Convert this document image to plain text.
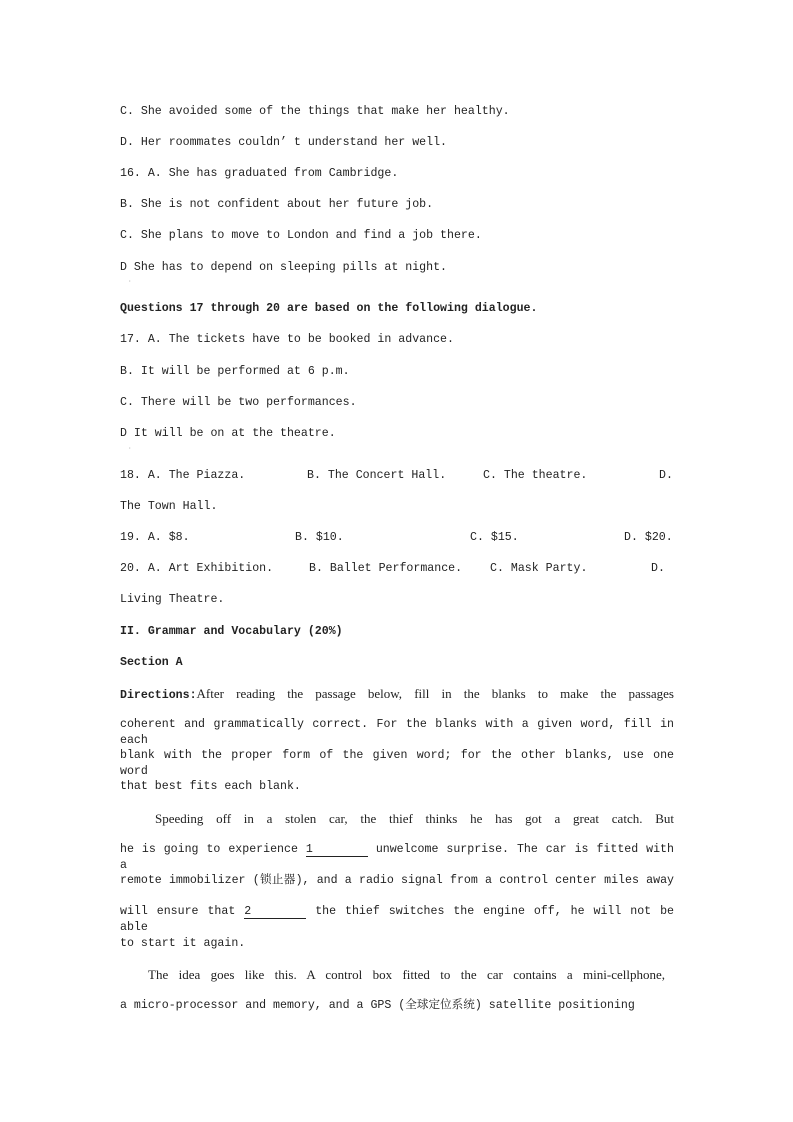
C. She avoided some of the things that make her healthy.
D. Her roommates couldn’ t understand her well.
16. A. She has graduated from Cambridge.
B. She is not confident about her future job.
C. She plans to move to London and find a job there.
D She has to depend on sleeping pills at night.
·
Questions 17 through 20 are based on the following dialogue.
17. A. The tickets have to be booked in advance.
B. It will be performed at 6 p.m.
C. There will be two performances.
D It will be on at the theatre.
·
18. A. The Piazza.	B. The Concert Hall.	C. The theatre.	D.
The Town Hall.
19. A. $8.	B. $10.	C. $15.	D. $20.
20. A. Art Exhibition.	B. Ballet Performance. C. Mask Party.	D.
Living Theatre.
II. Grammar and Vocabulary (20%)
Section A
Directions:After reading the passage below, fill in the blanks to make the passages
coherent and grammatically correct. For the blanks with a given word, fill in each
blank with the proper form of the given word; for the other blanks, use one word
that best fits each blank.
Speeding off in a stolen car, the thief thinks he has got a great catch. But
he is going to experience 1	unwelcome surprise. The car is fitted with a
remote immobilizer (锁止器), and a radio signal from a control center miles away
will ensure that 2	the thief switches the engine off, he will not be able
to start it again.
The idea goes like this. A control box fitted to the car contains a mini-cellphone,
a micro-processor and memory, and a GPS (全球定位系统) satellite positioning
